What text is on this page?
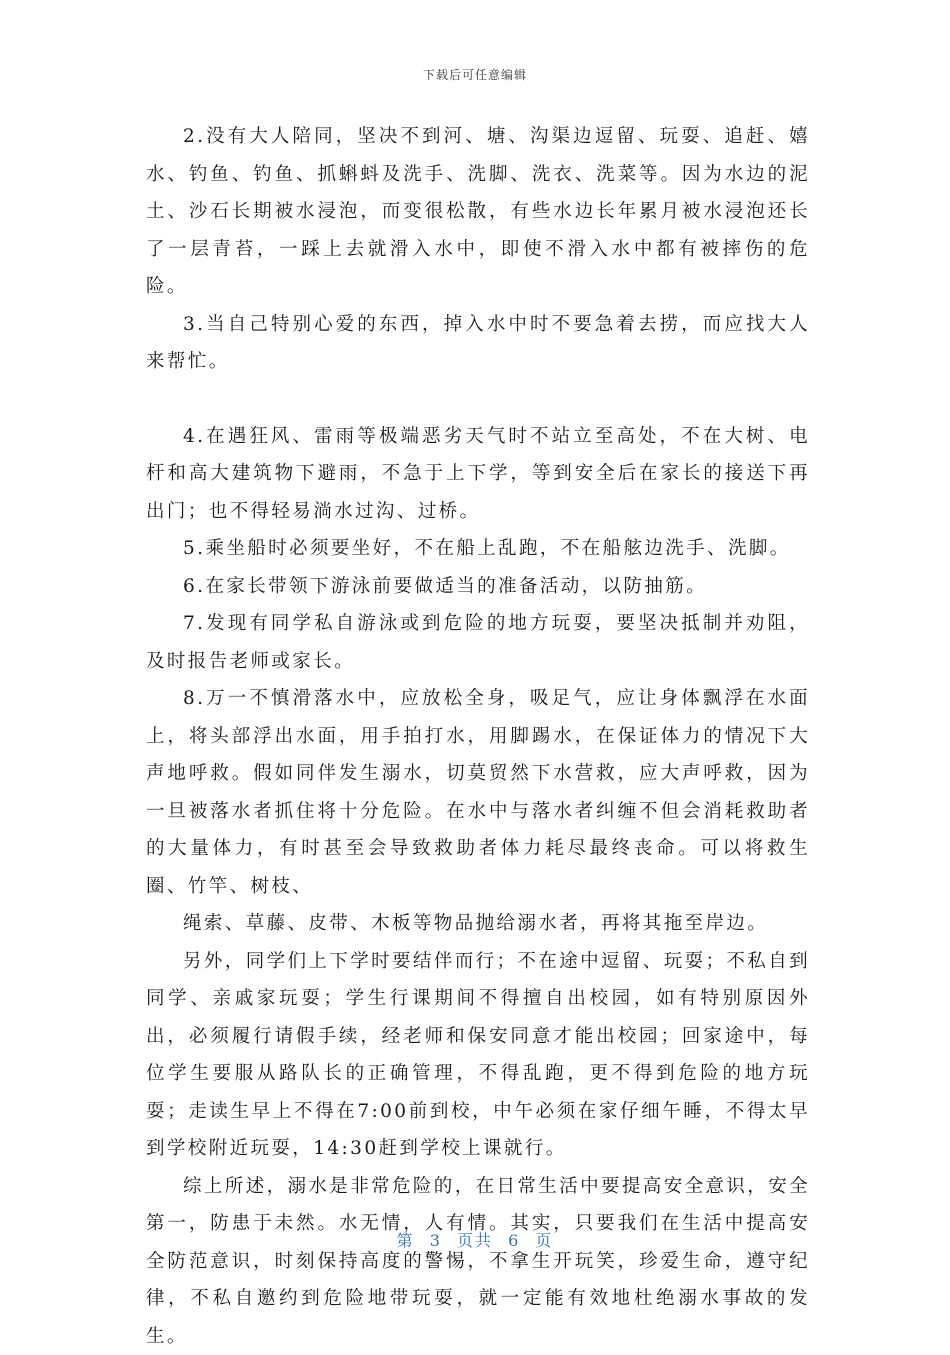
下载后可任意编辑

2.没有大人陪同，坚决不到河、塘、沟渠边逗留、玩耍、追赶、嬉水、钓鱼、钓鱼、抓蝌蚪及洗手、洗脚、洗衣、洗菜等。因为水边的泥土、沙石长期被水浸泡，而变很松散，有些水边长年累月被水浸泡还长了一层青苔，一踩上去就滑入水中，即使不滑入水中都有被摔伤的危险。

3.当自己特别心爱的东西，掉入水中时不要急着去捞，而应找大人来帮忙。

4.在遇狂风、雷雨等极端恶劣天气时不站立至高处，不在大树、电杆和高大建筑物下避雨，不急于上下学，等到安全后在家长的接送下再出门；也不得轻易淌水过沟、过桥。

5.乘坐船时必须要坐好，不在船上乱跑，不在船舷边洗手、洗脚。

6.在家长带领下游泳前要做适当的准备活动，以防抽筋。

7.发现有同学私自游泳或到危险的地方玩耍，要坚决抵制并劝阻，及时报告老师或家长。

8.万一不慎滑落水中，应放松全身，吸足气，应让身体飘浮在水面上，将头部浮出水面，用手拍打水，用脚踢水，在保证体力的情况下大声地呼救。假如同伴发生溺水，切莫贸然下水营救，应大声呼救，因为一旦被落水者抓住将十分危险。在水中与落水者纠缠不但会消耗救助者的大量体力，有时甚至会导致救助者体力耗尽最终丧命。可以将救生圈、竹竿、树枝、

绳索、草藤、皮带、木板等物品抛给溺水者，再将其拖至岸边。

另外，同学们上下学时要结伴而行；不在途中逗留、玩耍；不私自到同学、亲戚家玩耍；学生行课期间不得擅自出校园，如有特别原因外出，必须履行请假手续，经老师和保安同意才能出校园；回家途中，每位学生要服从路队长的正确管理，不得乱跑，更不得到危险的地方玩耍；走读生早上不得在7:00前到校，中午必须在家仔细午睡，不得太早到学校附近玩耍，14:30赶到学校上课就行。

综上所述，溺水是非常危险的，在日常生活中要提高安全意识，安全第一，防患于未然。水无情，人有情。其实，只要我们在生活中提高安全防范意识，时刻保持高度的警惕，不拿生开玩笑，珍爱生命，遵守纪律，不私自邀约到危险地带玩耍，就一定能有效地杜绝溺水事故的发生。

第 3 页共 6 页
